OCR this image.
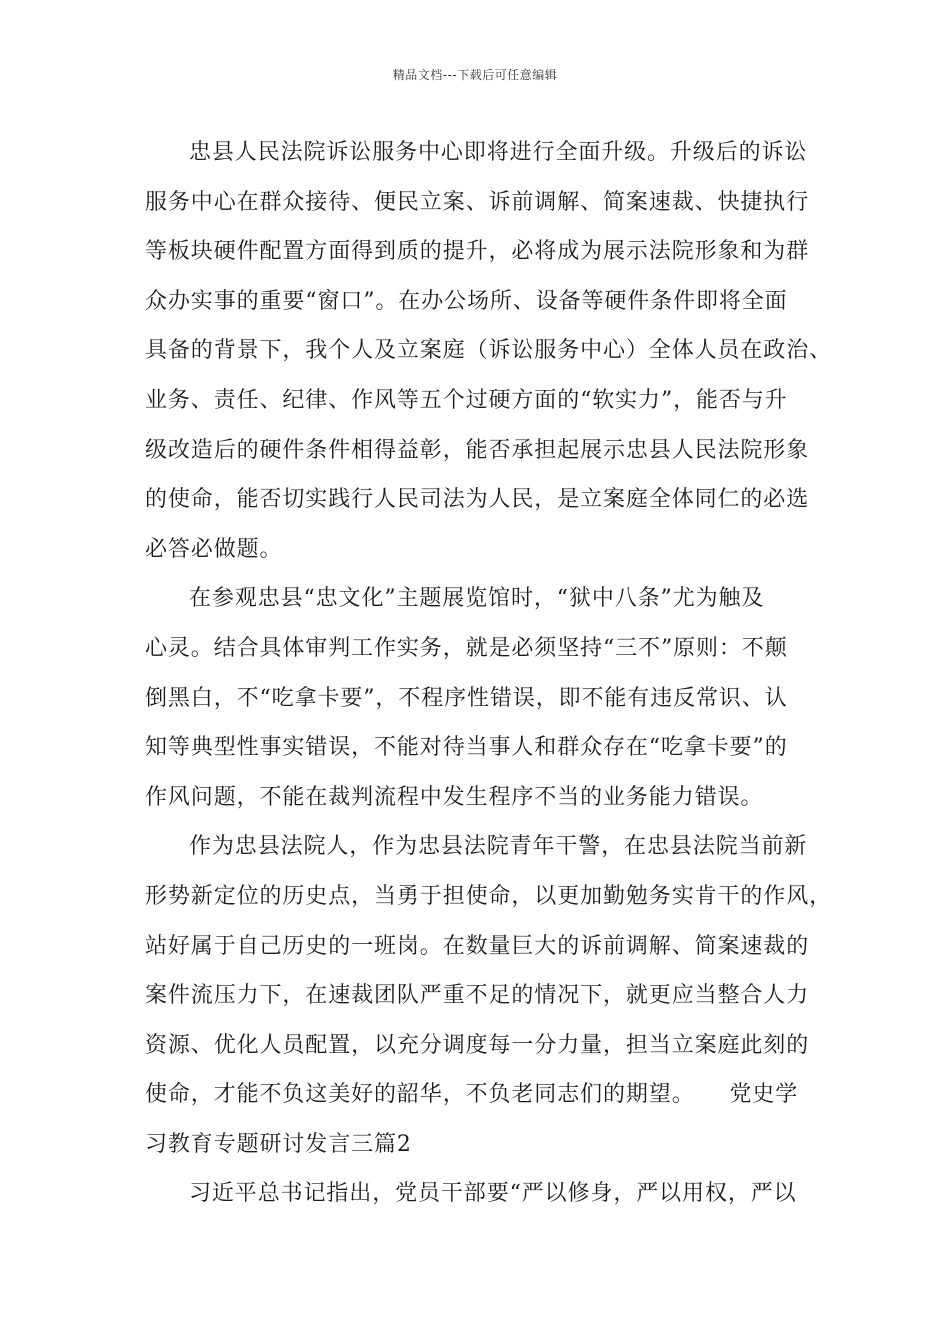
精品文档---下载后可任意编辑
忠县人民法院诉讼服务中心即将进行全面升级。升级后的诉讼
服务中心在群众接待、便民立案、诉前调解、简案速裁、快捷执行
等板块硬件配置方面得到质的提升，必将成为展示法院形象和为群
众办实事的重要“窗口”。在办公场所、设备等硬件条件即将全面
具备的背景下，我个人及立案庭（诉讼服务中心）全体人员在政治、
业务、责任、纪律、作风等五个过硬方面的“软实力”，能否与升
级改造后的硬件条件相得益彰，能否承担起展示忠县人民法院形象
的使命，能否切实践行人民司法为人民，是立案庭全体同仁的必选
必答必做题。
在参观忠县“忠文化”主题展览馆时，“狱中八条”尤为触及
心灵。结合具体审判工作实务，就是必须坚持“三不”原则：不颠
倒黑白，不“吃拿卡要”，不程序性错误，即不能有违反常识、认
知等典型性事实错误，不能对待当事人和群众存在“吃拿卡要”的
作风问题，不能在裁判流程中发生程序不当的业务能力错误。
作为忠县法院人，作为忠县法院青年干警，在忠县法院当前新
形势新定位的历史点，当勇于担使命，以更加勤勉务实肯干的作风，
站好属于自己历史的一班岗。在数量巨大的诉前调解、简案速裁的
案件流压力下，在速裁团队严重不足的情况下，就更应当整合人力
资源、优化人员配置，以充分调度每一分力量，担当立案庭此刻的
使命，才能不负这美好的韶华，不负老同志们的期望。　　党史学
习教育专题研讨发言三篇2
习近平总书记指出，党员干部要“严以修身，严以用权，严以
